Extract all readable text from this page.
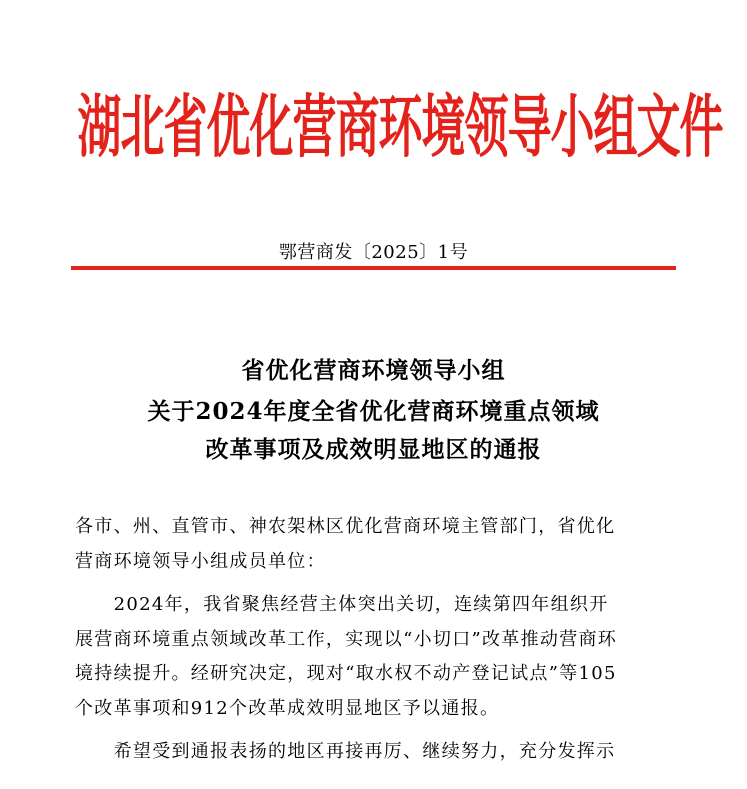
湖北省优化营商环境领导小组文件
鄂营商发〔2025〕1号
省优化营商环境领导小组
关于2024年度全省优化营商环境重点领域
改革事项及成效明显地区的通报
各市、州、直管市、神农架林区优化营商环境主管部门，省优化
营商环境领导小组成员单位：
　　2024年，我省聚焦经营主体突出关切，连续第四年组织开
展营商环境重点领域改革工作，实现以“小切口”改革推动营商环
境持续提升。经研究决定，现对“取水权不动产登记试点”等105
个改革事项和912个改革成效明显地区予以通报。
　　希望受到通报表扬的地区再接再厉、继续努力，充分发挥示
